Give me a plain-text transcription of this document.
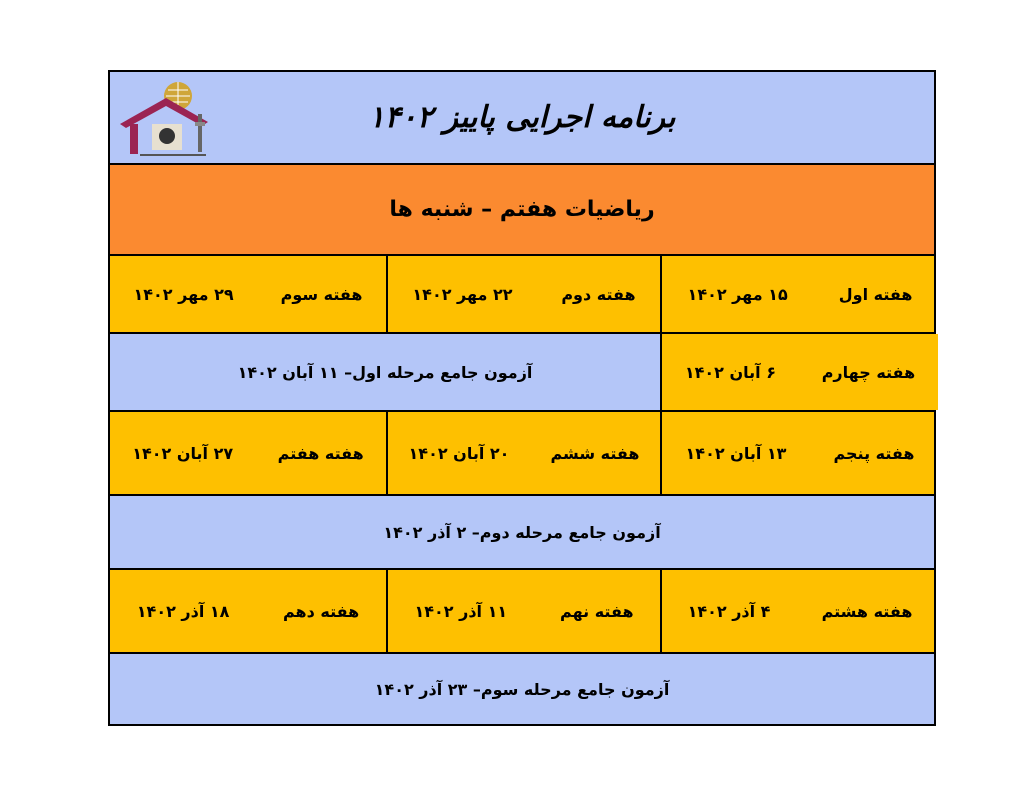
برنامه اجرایی پاییز ۱۴۰۲
ریاضیات هفتم – شنبه ها
هفته اول
۱۵ مهر ۱۴۰۲
هفته دوم
۲۲ مهر ۱۴۰۲
هفته سوم
۲۹ مهر ۱۴۰۲
هفته چهارم
۶ آبان ۱۴۰۲
آزمون جامع مرحله اول– ۱۱ آبان ۱۴۰۲
هفته پنجم
۱۳ آبان ۱۴۰۲
هفته ششم
۲۰ آبان ۱۴۰۲
هفته هفتم
۲۷ آبان ۱۴۰۲
آزمون جامع مرحله دوم– ۲ آذر ۱۴۰۲
هفته هشتم
۴ آذر ۱۴۰۲
هفته نهم
۱۱ آذر ۱۴۰۲
هفته دهم
۱۸ آذر ۱۴۰۲
آزمون جامع مرحله سوم– ۲۳ آذر ۱۴۰۲
